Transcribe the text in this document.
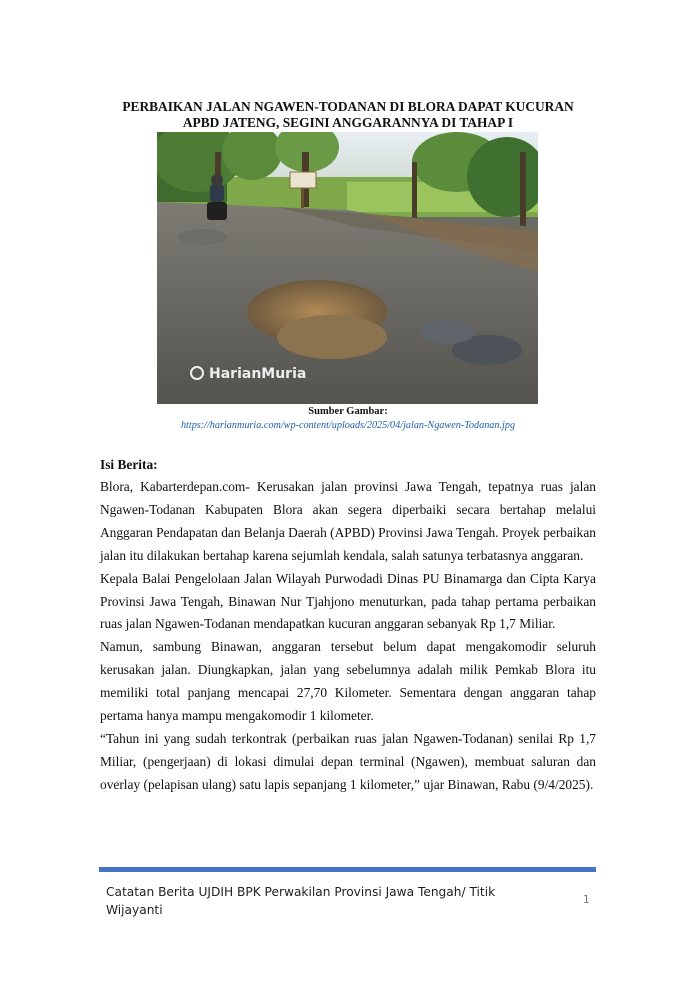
PERBAIKAN JALAN NGAWEN-TODANAN DI BLORA DAPAT KUCURAN
APBD JATENG, SEGINI ANGGARANNYA DI TAHAP I
HarianMuria
Sumber Gambar:
https://harianmuria.com/wp-content/uploads/2025/04/jalan-Ngawen-Todanan.jpg
Isi Berita:

Blora, Kabarterdepan.com- Kerusakan jalan provinsi Jawa Tengah, tepatnya ruas jalan Ngawen-Todanan Kabupaten Blora akan segera diperbaiki secara bertahap melalui Anggaran Pendapatan dan Belanja Daerah (APBD) Provinsi Jawa Tengah. Proyek perbaikan jalan itu dilakukan bertahap karena sejumlah kendala, salah satunya terbatasnya anggaran.

Kepala Balai Pengelolaan Jalan Wilayah Purwodadi Dinas PU Binamarga dan Cipta Karya Provinsi Jawa Tengah, Binawan Nur Tjahjono menuturkan, pada tahap pertama perbaikan ruas jalan Ngawen-Todanan mendapatkan kucuran anggaran sebanyak Rp 1,7 Miliar.

Namun, sambung Binawan, anggaran tersebut belum dapat mengakomodir seluruh kerusakan jalan. Diungkapkan, jalan yang sebelumnya adalah milik Pemkab Blora itu memiliki total panjang mencapai 27,70 Kilometer. Sementara dengan anggaran tahap pertama hanya mampu mengakomodir 1 kilometer.

“Tahun ini yang sudah terkontrak (perbaikan ruas jalan Ngawen-Todanan) senilai Rp 1,7 Miliar, (pengerjaan) di lokasi dimulai depan terminal (Ngawen), membuat saluran dan overlay (pelapisan ulang) satu lapis sepanjang 1 kilometer,” ujar Binawan, Rabu (9/4/2025).

Catatan Berita UJDIH BPK Perwakilan Provinsi Jawa Tengah/ Titik Wijayanti
1
